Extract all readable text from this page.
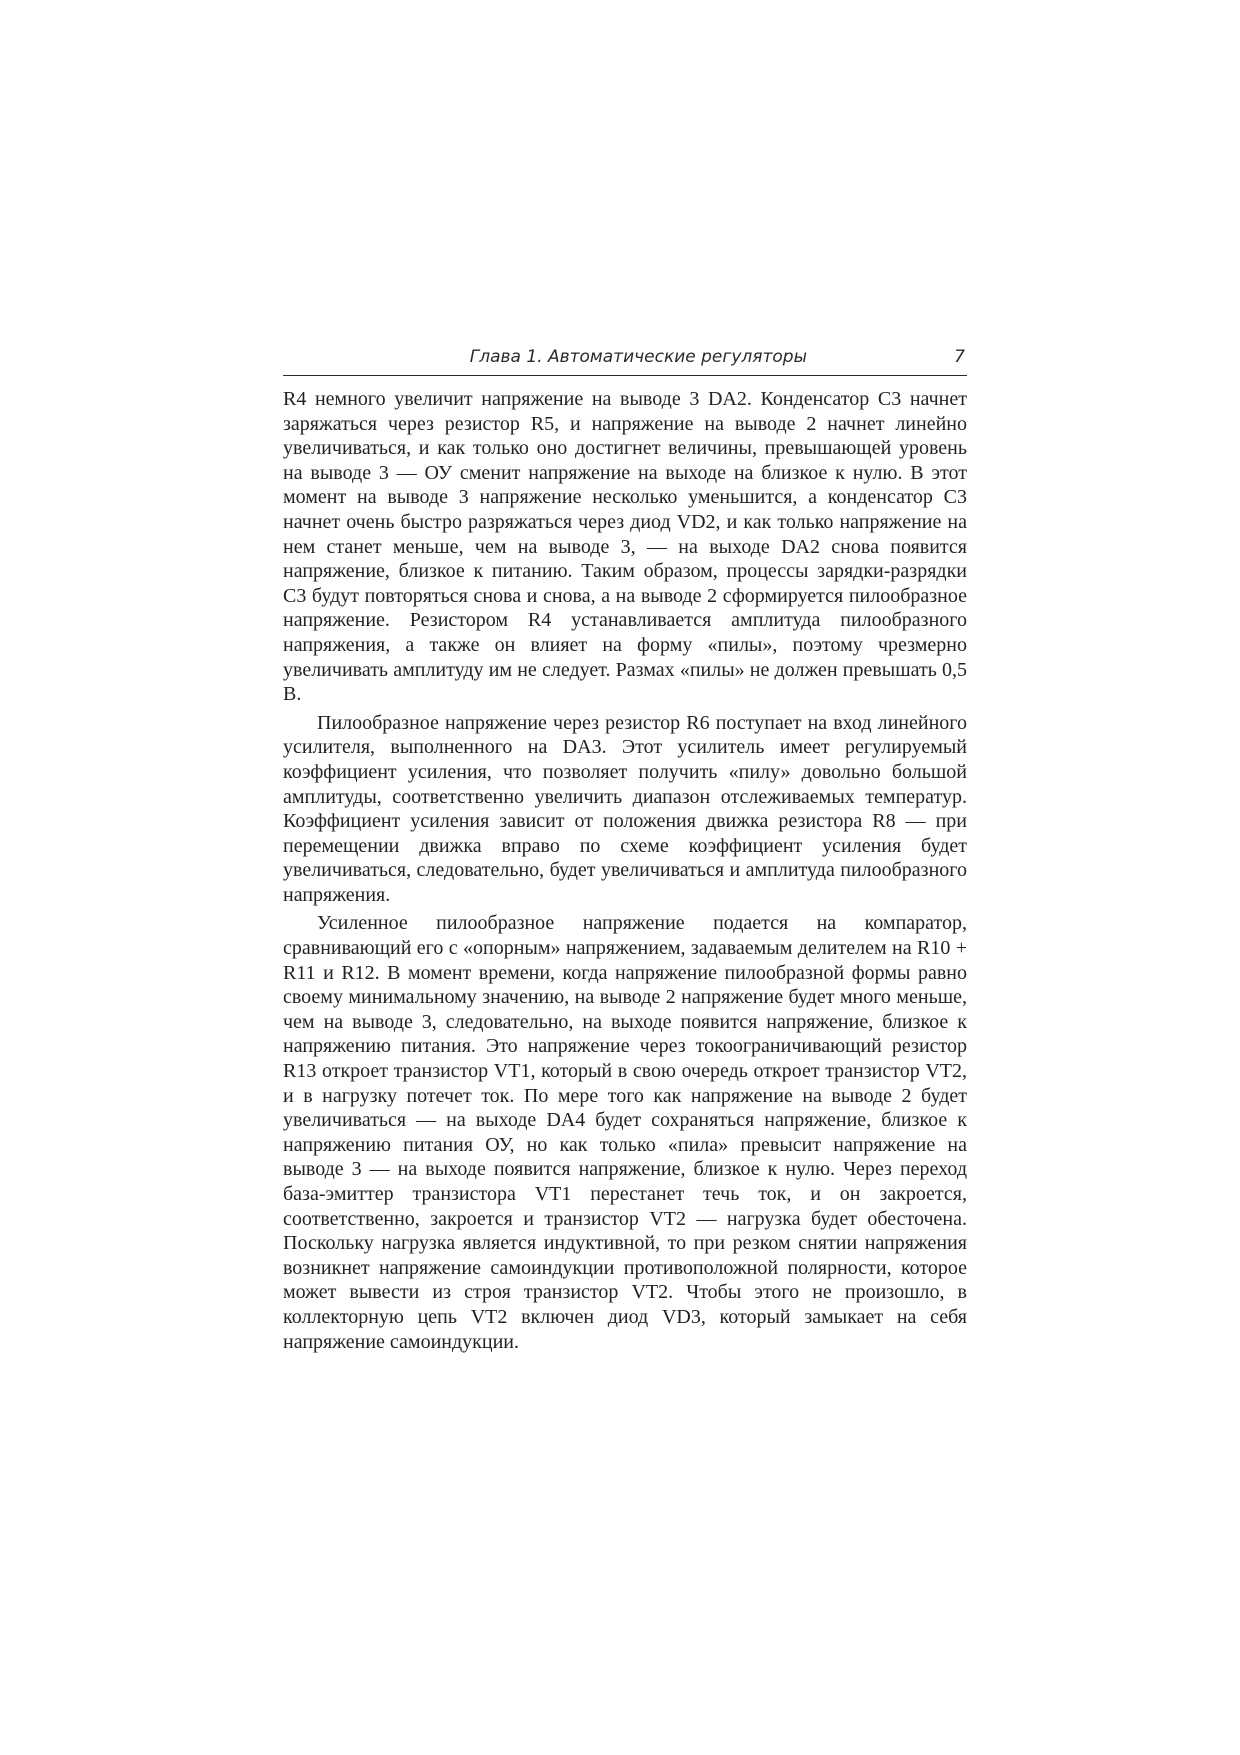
Глава 1. Автоматические регуляторы	7

R4 немного увеличит напряжение на выводе 3 DA2. Конденсатор С3 начнет заряжаться через резистор R5, и напряжение на выводе 2 начнет линейно увеличиваться, и как только оно достигнет величины, превышающей уровень на выводе 3 — ОУ сменит напряжение на выходе на близкое к нулю. В этот момент на выводе 3 напряжение несколько уменьшится, а конденсатор С3 начнет очень быстро разряжаться через диод VD2, и как только напряжение на нем станет меньше, чем на выводе 3, — на выходе DA2 снова появится напряжение, близкое к питанию. Таким образом, процессы зарядки-разрядки С3 будут повторяться снова и снова, а на выводе 2 сформируется пилообразное напряжение. Резистором R4 устанавливается амплитуда пилообразного напряжения, а также он влияет на форму «пилы», поэтому чрезмерно увеличивать амплитуду им не следует. Размах «пилы» не должен превышать 0,5 В.

Пилообразное напряжение через резистор R6 поступает на вход линейного усилителя, выполненного на DA3. Этот усилитель имеет регулируемый коэффициент усиления, что позволяет получить «пилу» довольно большой амплитуды, соответственно увеличить диапазон отслеживаемых температур. Коэффициент усиления зависит от положения движка резистора R8 — при перемещении движка вправо по схеме коэффициент усиления будет увеличиваться, следовательно, будет увеличиваться и амплитуда пилообразного напряжения.

Усиленное пилообразное напряжение подается на компаратор, сравнивающий его с «опорным» напряжением, задаваемым делителем на R10 + R11 и R12. В момент времени, когда напряжение пилообразной формы равно своему минимальному значению, на выводе 2 напряжение будет много меньше, чем на выводе 3, следовательно, на выходе появится напряжение, близкое к напряжению питания. Это напряжение через токоограничивающий резистор R13 откроет транзистор VT1, который в свою очередь откроет транзистор VT2, и в нагрузку потечет ток. По мере того как напряжение на выводе 2 будет увеличиваться — на выходе DA4 будет сохраняться напряжение, близкое к напряжению питания ОУ, но как только «пила» превысит напряжение на выводе 3 — на выходе появится напряжение, близкое к нулю. Через переход база-эмиттер транзистора VT1 перестанет течь ток, и он закроется, соответственно, закроется и транзистор VT2 — нагрузка будет обесточена. Поскольку нагрузка является индуктивной, то при резком снятии напряжения возникнет напряжение самоиндукции противоположной полярности, которое может вывести из строя транзистор VT2. Чтобы этого не произошло, в коллекторную цепь VT2 включен диод VD3, который замыкает на себя напряжение самоиндукции.
